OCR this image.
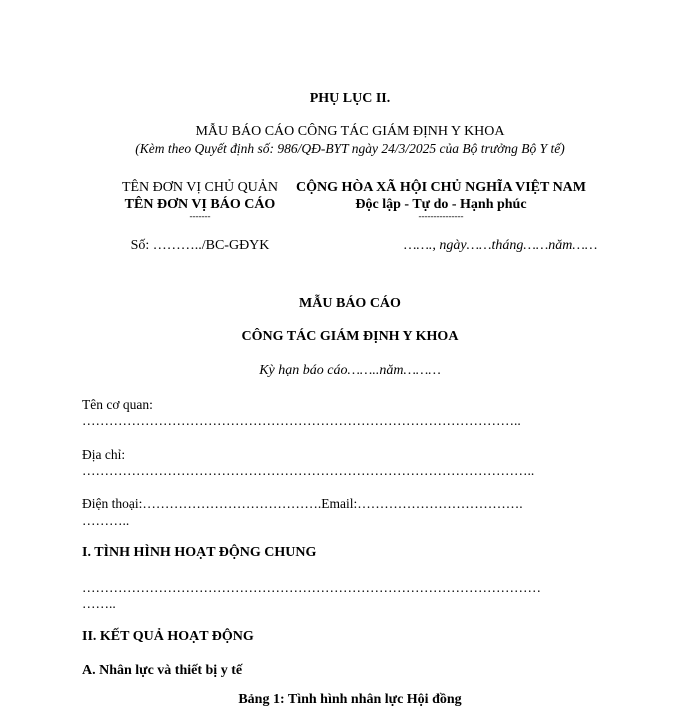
PHỤ LỤC II.
MẪU BÁO CÁO CÔNG TÁC GIÁM ĐỊNH Y KHOA
(Kèm theo Quyết định số: 986/QĐ-BYT ngày 24/3/2025 của Bộ trưởng Bộ Y tế)
TÊN ĐƠN VỊ CHỦ QUẢN
TÊN ĐƠN VỊ BÁO CÁO
-------
Số: ………../BC-GĐYK
CỘNG HÒA XÃ HỘI CHỦ NGHĨA VIỆT NAM
Độc lập - Tự do - Hạnh phúc
---------------
……., ngày……tháng……năm……
MẪU BÁO CÁO
CÔNG TÁC GIÁM ĐỊNH Y KHOA
Kỳ hạn báo cáo……..năm………
Tên cơ quan:
……………………………………………………………………………………..
Địa chỉ:
………………………………………………………………………………………..
Điện thoại:………………………………….Email:……………………………….
………..
I. TÌNH HÌNH HOẠT ĐỘNG CHUNG
…………………………………………………………………………………………
……..
II. KẾT QUẢ HOẠT ĐỘNG
A. Nhân lực và thiết bị y tế
Bảng 1: Tình hình nhân lực Hội đồng
